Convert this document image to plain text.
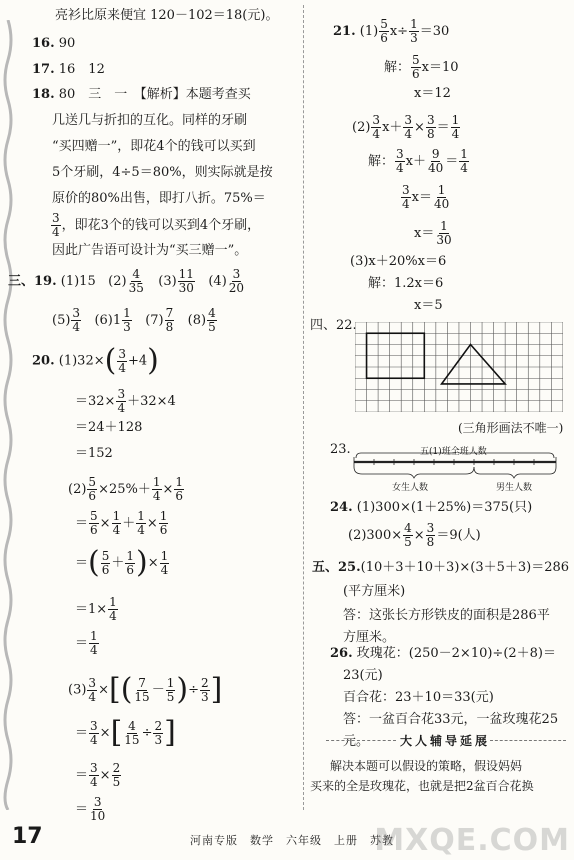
亮衫比原来便宜 120－102＝18(元)。
16. 90
17. 16　12
18. 80　三　一　【解析】本题考查买
几送几与折扣的互化。同样的牙刷
“买四赠一”，即花4个的钱可以买到
5个牙刷，4÷5＝80%，则实际就是按
原价的80%出售，即打八折。75%＝
$\frac{3}{4}$ ，即花3个的钱可以买到4个牙刷，
因此广告语可设计为“买三赠一”。
三、19. (1)15 $(2) \frac{4}{35} (3) \frac{11}{30} (4) \frac{3}{20}$
$(5) \frac{3}{4} (6)1 \frac{1}{3} (7) \frac{7}{8} (8) \frac{4}{5}$
20. $(1)32\times( \frac{3}{4} +4)$
$=32\times \frac{3}{4} +32\times 4$
＝24＋128
＝152
$(2) \frac{5}{6} \times 25\%+ \frac{1}{4} \times \frac{1}{6}$
＝ $\frac{5}{6} \times \frac{1}{4} + \frac{1}{4} \times \frac{1}{6}$
＝( $\frac{5}{6} + \frac{1}{6}$ )× $\frac{1}{4}$
$=1\times \frac{1}{4}$
＝ $\frac{1}{4}$
$(3) \frac{3}{4}$ ×[( $\frac{7}{15} - \frac{1}{5}$ )÷ $\frac{2}{3}$ ]
＝ $\frac{3}{4}$ ×[ $\frac{4}{15} \div \frac{2}{3}$ ]
＝ $\frac{3}{4} \times \frac{2}{5}$
＝ $\frac{3}{10}$
21. $(1) \frac{5}{6} x\div \frac{1}{3} =30$
解： $\frac{5}{6} x=10$
x＝12
$(2) \frac{3}{4} x+ \frac{3}{4} \times \frac{3}{8} = \frac{1}{4}$
解： $\frac{3}{4} x+ \frac{9}{40} = \frac{1}{4}$
$\frac{3}{4} x= \frac{1}{40}$
$x= \frac{1}{30}$
(3)x＋20%x＝6
解：1.2x＝6
x＝5
四、22.
(三角形画法不唯一)
23.	五(1)班全班人数
女生人数	男生人数
24. (1)300×(1＋25%)＝375(只)
$(2)300\times \frac{4}{5} \times \frac{3}{8} =9$(人)
五、25.(10＋3＋10＋3)×(3＋5＋3)＝286
(平方厘米)
答：这张长方形铁皮的面积是286平
方厘米。
26. 玫瑰花：(250－2×10)÷(2＋8)＝
23(元)
百合花：23＋10＝33(元)
答：一盆百合花33元，一盆玫瑰花25
元。	大人辅导延展
解决本题可以假设的策略，假设妈妈
买来的全是玫瑰花，也就是把2盆百合花换
17	河南专版　数学　六年级　上册　苏教
MXQE.COM
